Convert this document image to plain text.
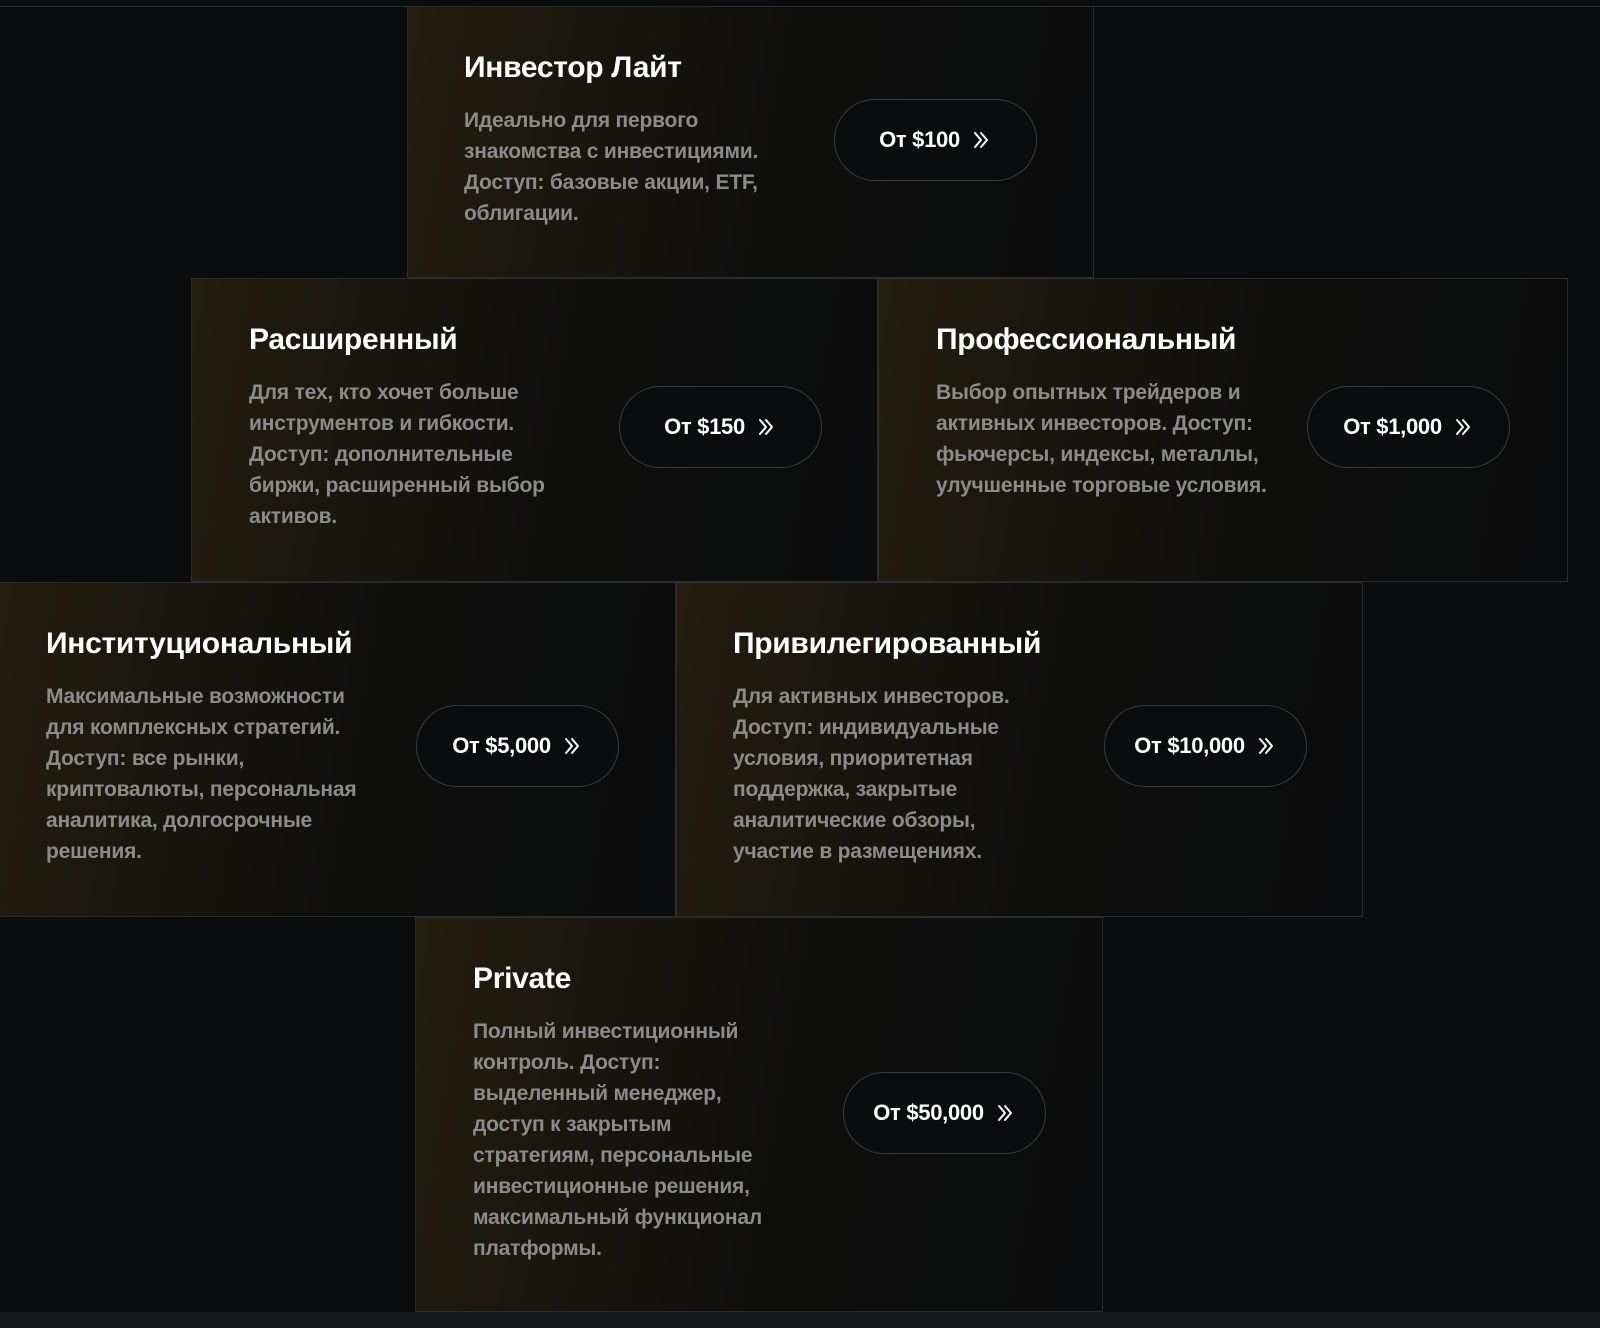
Инвестор Лайт

Идеально для первого знакомства с инвестициями. Доступ: базовые акции, ETF, облигации.

От $100
Расширенный

Для тех, кто хочет больше инструментов и гибкости. Доступ: дополнительные биржи, расширенный выбор активов.

От $150
Профессиональный

Выбор опытных трейдеров и активных инвесторов. Доступ: фьючерсы, индексы, металлы, улучшенные торговые условия.

От $1,000
Институциональный

Максимальные возможности для комплексных стратегий. Доступ: все рынки, криптовалюты, персональная аналитика, долгосрочные решения.

От $5,000
Привилегированный

Для активных инвесторов. Доступ: индивидуальные условия, приоритетная поддержка, закрытые аналитические обзоры, участие в размещениях.

От $10,000
Private

Полный инвестиционный контроль. Доступ: выделенный менеджер, доступ к закрытым стратегиям, персональные инвестиционные решения, максимальный функционал платформы.

От $50,000
